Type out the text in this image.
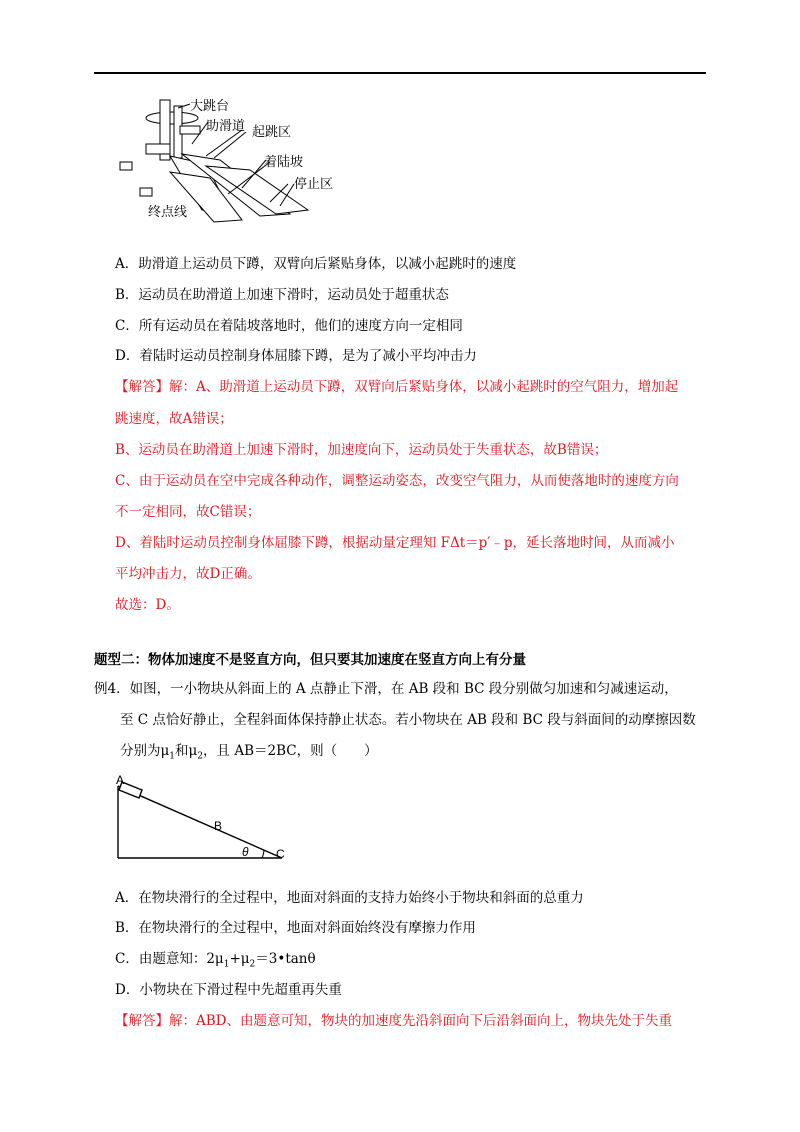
大跳台
助滑道 起跳区
着陆坡
停止区
终点线
A．助滑道上运动员下蹲，双臂向后紧贴身体，以减小起跳时的速度
B．运动员在助滑道上加速下滑时，运动员处于超重状态
C．所有运动员在着陆坡落地时，他们的速度方向一定相同
D．着陆时运动员控制身体屈膝下蹲，是为了减小平均冲击力
【解答】解：A、助滑道上运动员下蹲，双臂向后紧贴身体，以减小起跳时的空气阻力，增加起
跳速度，故A错误；
B、运动员在助滑道上加速下滑时，加速度向下，运动员处于失重状态，故B错误；
C、由于运动员在空中完成各种动作，调整运动姿态，改变空气阻力，从而使落地时的速度方向
不一定相同，故C错误；
D、着陆时运动员控制身体屈膝下蹲，根据动量定理知 FΔt＝p′﹣p，延长落地时间，从而减小
平均冲击力，故D正确。
故选：D。
题型二：物体加速度不是竖直方向，但只要其加速度在竖直方向上有分量
例4．如图，一小物块从斜面上的 A 点静止下滑，在 AB 段和 BC 段分别做匀加速和匀减速运动，
至 C 点恰好静止，全程斜面体保持静止状态。若小物块在 AB 段和 BC 段与斜面间的动摩擦因数
分别为$\mu_1$和$\mu_2$，且 AB＝2BC，则（　　）
A
B
C
θ
A．在物块滑行的全过程中，地面对斜面的支持力始终小于物块和斜面的总重力
B．在物块滑行的全过程中，地面对斜面始终没有摩擦力作用
C．由题意知：$2\mu_1+\mu_2=3•\tan\theta$
D．小物块在下滑过程中先超重再失重
【解答】解：ABD、由题意可知，物块的加速度先沿斜面向下后沿斜面向上，物块先处于失重
